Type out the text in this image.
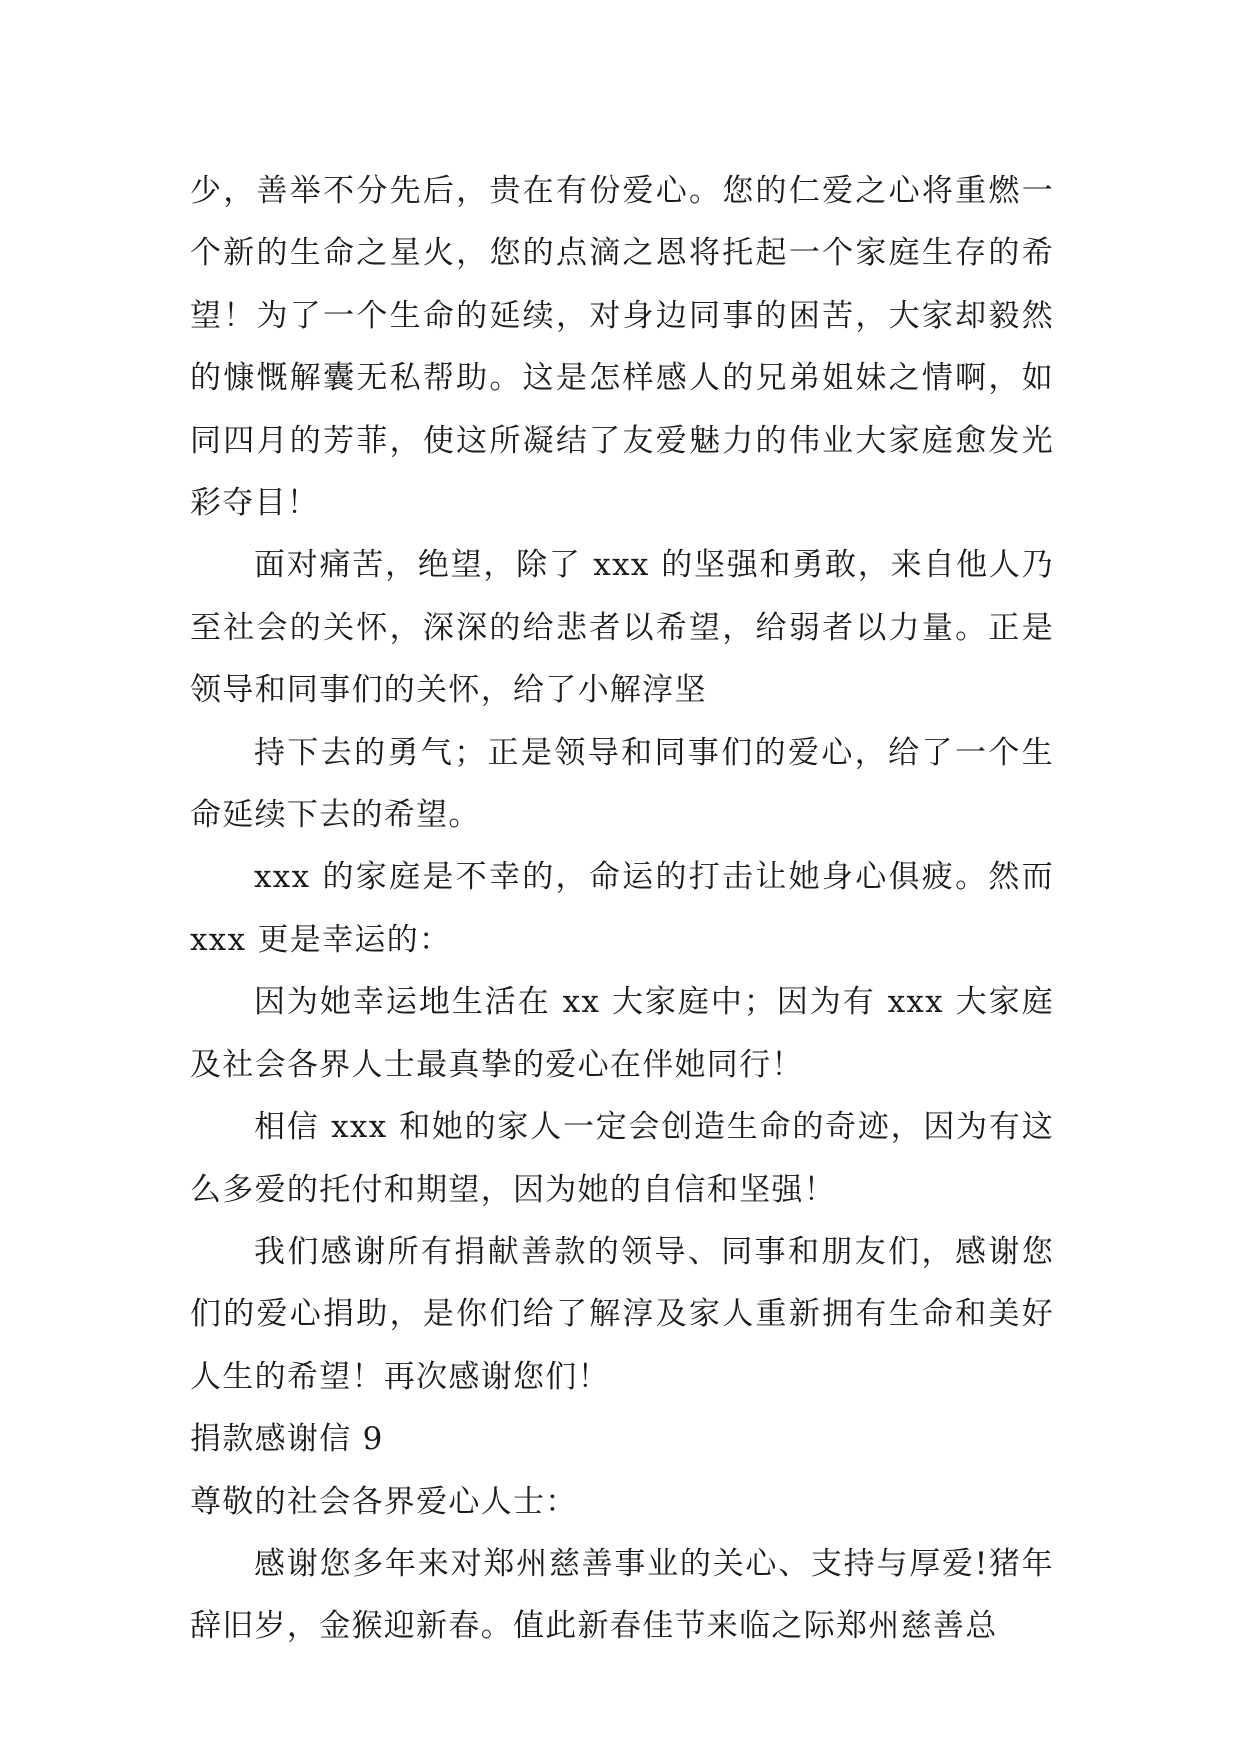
少，善举不分先后，贵在有份爱心。您的仁爱之心将重燃一个新的生命之星火，您的点滴之恩将托起一个家庭生存的希望！为了一个生命的延续，对身边同事的困苦，大家却毅然的慷慨解囊无私帮助。这是怎样感人的兄弟姐妹之情啊，如同四月的芳菲，使这所凝结了友爱魅力的伟业大家庭愈发光彩夺目！

面对痛苦，绝望，除了 xxx 的坚强和勇敢，来自他人乃至社会的关怀，深深的给悲者以希望，给弱者以力量。正是领导和同事们的关怀，给了小解淳坚

持下去的勇气；正是领导和同事们的爱心，给了一个生命延续下去的希望。

xxx 的家庭是不幸的，命运的打击让她身心俱疲。然而 xxx 更是幸运的：

因为她幸运地生活在 xx 大家庭中；因为有 xxx 大家庭及社会各界人士最真挚的爱心在伴她同行！

相信 xxx 和她的家人一定会创造生命的奇迹，因为有这么多爱的托付和期望，因为她的自信和坚强！

我们感谢所有捐献善款的领导、同事和朋友们，感谢您们的爱心捐助，是你们给了解淳及家人重新拥有生命和美好人生的希望！再次感谢您们！

捐款感谢信 9

尊敬的社会各界爱心人士：

感谢您多年来对郑州慈善事业的关心、支持与厚爱!猪年辞旧岁，金猴迎新春。值此新春佳节来临之际郑州慈善总
